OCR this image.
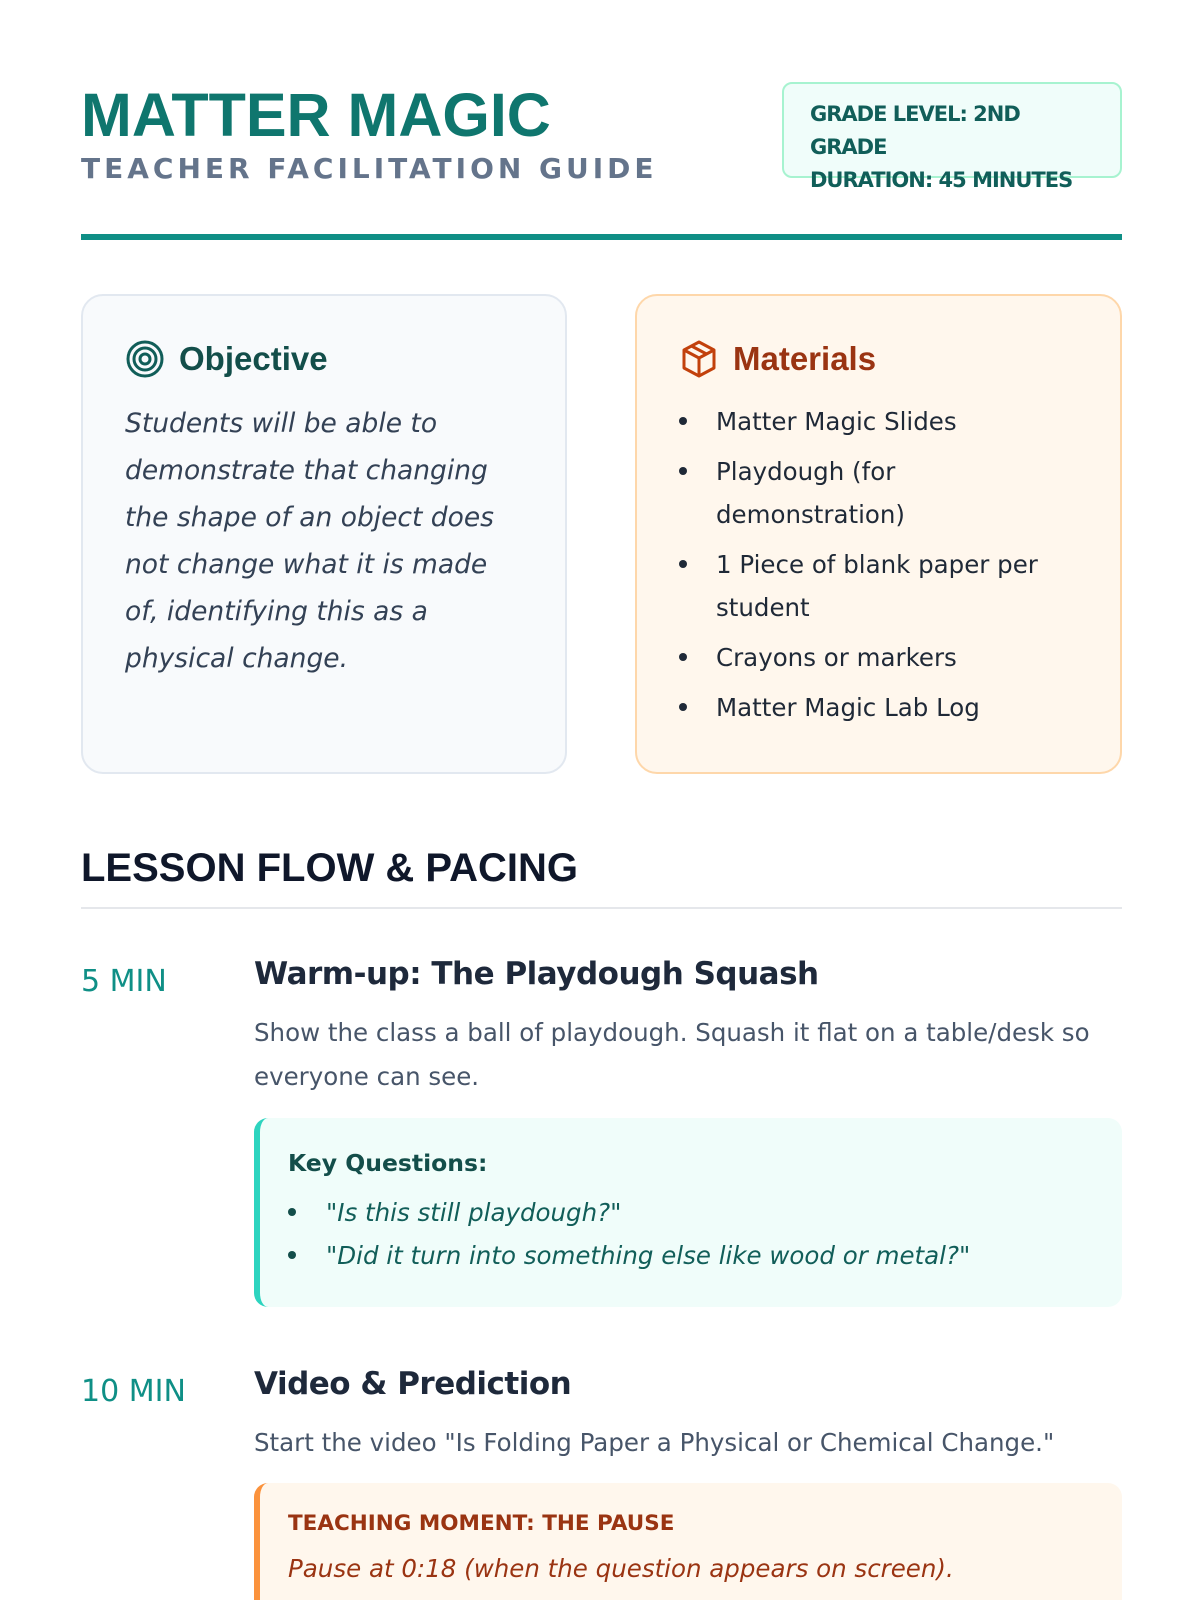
MATTER MAGIC
TEACHER FACILITATION GUIDE
GRADE LEVEL: 2ND GRADE
DURATION: 45 MINUTES
Objective
Students will be able to demonstrate that changing the shape of an object does not change what it is made of, identifying this as a physical change.
Materials
Matter Magic Slides
Playdough (for demonstration)
1 Piece of blank paper per student
Crayons or markers
Matter Magic Lab Log
LESSON FLOW & PACING
5 MIN	Warm-up: The Playdough Squash
Show the class a ball of playdough. Squash it flat on a table/desk so everyone can see.
Key Questions:
"Is this still playdough?"
"Did it turn into something else like wood or metal?"
10 MIN Video & Prediction
Start the video "Is Folding Paper a Physical or Chemical Change."
TEACHING MOMENT: THE PAUSE
Pause at 0:18 (when the question appears on screen).
